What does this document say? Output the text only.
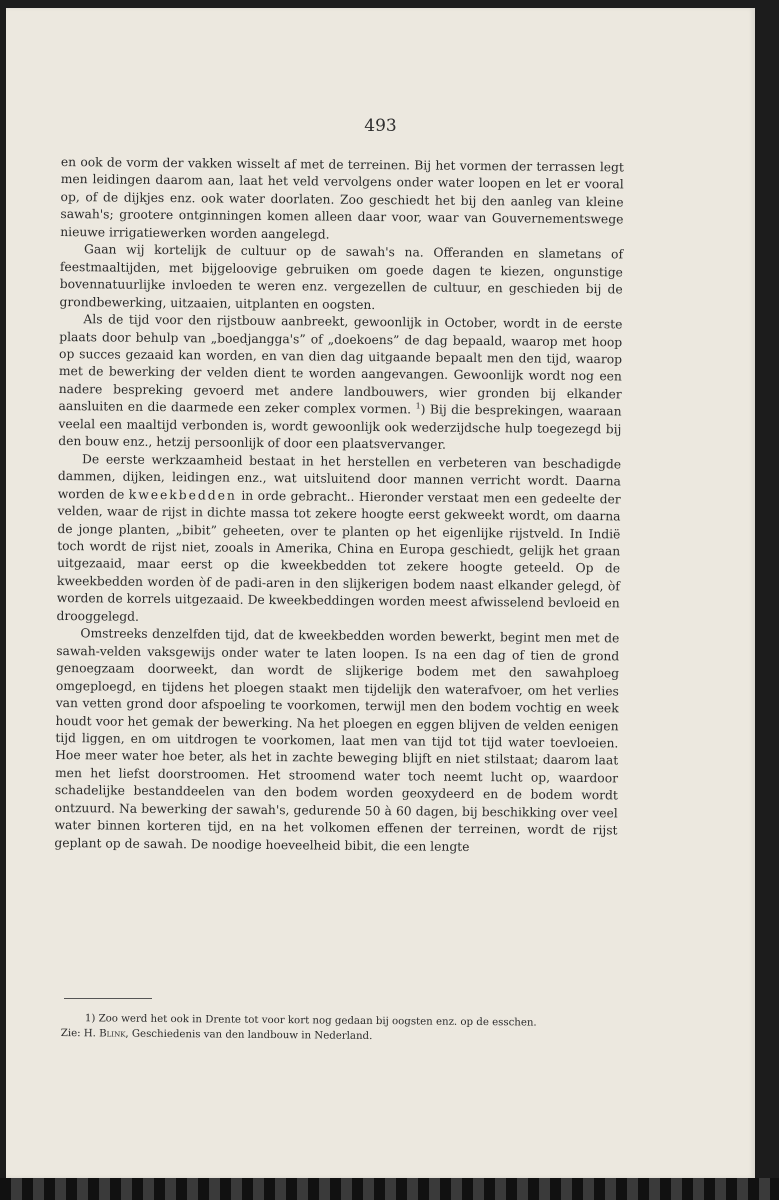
493

en ook de vorm der vakken wisselt af met de terreinen. Bij het vormen der terrassen legt men leidingen daarom aan, laat het veld vervolgens onder water loopen en let er vooral op, of de dijkjes enz. ook water doorlaten. Zoo geschiedt het bij den aanleg van kleine sawah's; grootere ontginningen komen alleen daar voor, waar van Gouvernementswege nieuwe irrigatiewerken worden aangelegd.

Gaan wij kortelijk de cultuur op de sawah's na. Offeranden en slametans of feestmaaltijden, met bijgeloovige gebruiken om goede dagen te kiezen, ongunstige bovennatuurlijke invloeden te weren enz. vergezellen de cultuur, en geschieden bij de grondbewerking, uitzaaien, uitplanten en oogsten.

Als de tijd voor den rijstbouw aanbreekt, gewoonlijk in October, wordt in de eerste plaats door behulp van „boedjangga's” of „doekoens” de dag bepaald, waarop met hoop op succes gezaaid kan worden, en van dien dag uitgaande bepaalt men den tijd, waarop met de bewerking der velden dient te worden aangevangen. Gewoonlijk wordt nog een nadere bespreking gevoerd met andere landbouwers, wier gronden bij elkander aansluiten en die daarmede een zeker complex vormen. $^1$) Bij die besprekingen, waaraan veelal een maaltijd verbonden is, wordt gewoonlijk ook wederzijdsche hulp toegezegd bij den bouw enz., hetzij persoonlijk of door een plaatsvervanger.

De eerste werkzaamheid bestaat in het herstellen en verbeteren van beschadigde dammen, dijken, leidingen enz., wat uitsluitend door mannen verricht wordt. Daarna worden de kweekbedden in orde gebracht.. Hieronder verstaat men een gedeelte der velden, waar de rijst in dichte massa tot zekere hoogte eerst gekweekt wordt, om daarna de jonge planten, „bibit” geheeten, over te planten op het eigenlijke rijstveld. In Indië toch wordt de rijst niet, zooals in Amerika, China en Europa geschiedt, gelijk het graan uitgezaaid, maar eerst op die kweekbedden tot zekere hoogte geteeld. Op de kweekbedden worden òf de padi-aren in den slijkerigen bodem naast elkander gelegd, òf worden de korrels uitgezaaid. De kweekbeddingen worden meest afwisselend bevloeid en drooggelegd.

Omstreeks denzelfden tijd, dat de kweekbedden worden bewerkt, begint men met de sawah-velden vaksgewijs onder water te laten loopen. Is na een dag of tien de grond genoegzaam doorweekt, dan wordt de slijkerige bodem met den sawahploeg omgeploegd, en tijdens het ploegen staakt men tijdelijk den waterafvoer, om het verlies van vetten grond door afspoeling te voorkomen, terwijl men den bodem vochtig en week houdt voor het gemak der bewerking. Na het ploegen en eggen blijven de velden eenigen tijd liggen, en om uitdrogen te voorkomen, laat men van tijd tot tijd water toevloeien. Hoe meer water hoe beter, als het in zachte beweging blijft en niet stilstaat; daarom laat men het liefst doorstroomen. Het stroomend water toch neemt lucht op, waardoor schadelijke bestanddeelen van den bodem worden geoxydeerd en de bodem wordt ontzuurd. Na bewerking der sawah's, gedurende 50 à 60 dagen, bij beschikking over veel water binnen korteren tijd, en na het volkomen effenen der terreinen, wordt de rijst geplant op de sawah. De noodige hoeveelheid bibit, die een lengte

1) Zoo werd het ook in Drente tot voor kort nog gedaan bij oogsten enz. op de esschen.

Zie: H. Blink, Geschiedenis van den landbouw in Nederland.
